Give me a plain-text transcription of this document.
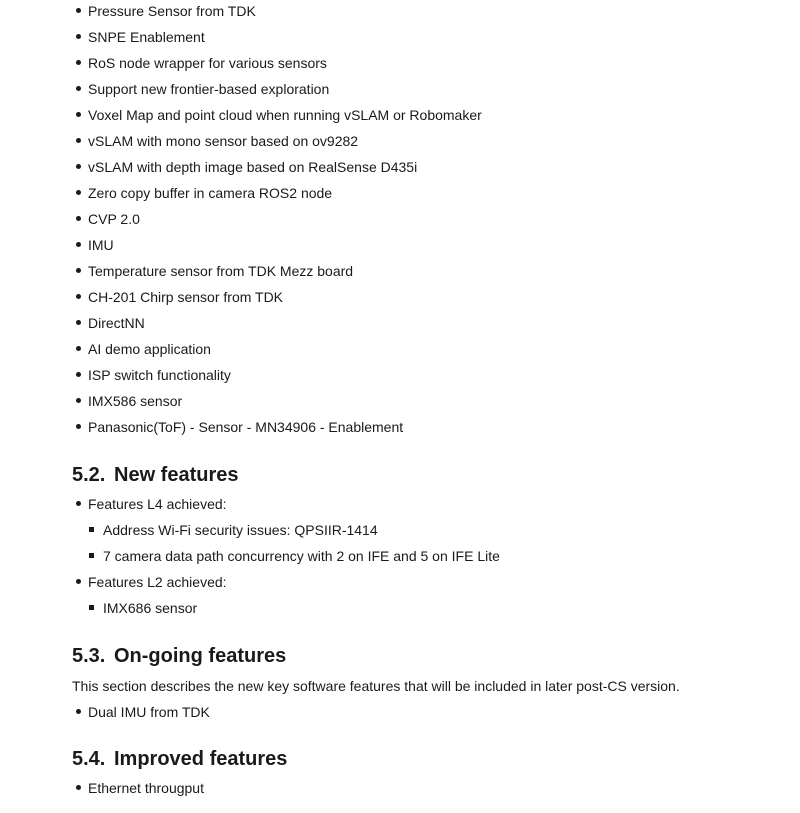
Pressure Sensor from TDK
SNPE Enablement
RoS node wrapper for various sensors
Support new frontier-based exploration
Voxel Map and point cloud when running vSLAM or Robomaker
vSLAM with mono sensor based on ov9282
vSLAM with depth image based on RealSense D435i
Zero copy buffer in camera ROS2 node
CVP 2.0
IMU
Temperature sensor from TDK Mezz board
CH-201 Chirp sensor from TDK
DirectNN
AI demo application
ISP switch functionality
IMX586 sensor
Panasonic(ToF) - Sensor - MN34906 - Enablement
5.2. New features
Features L4 achieved:
Address Wi-Fi security issues: QPSIIR-1414
7 camera data path concurrency with 2 on IFE and 5 on IFE Lite
Features L2 achieved:
IMX686 sensor
5.3. On-going features
This section describes the new key software features that will be included in later post-CS version.
Dual IMU from TDK
5.4. Improved features
Ethernet througput
